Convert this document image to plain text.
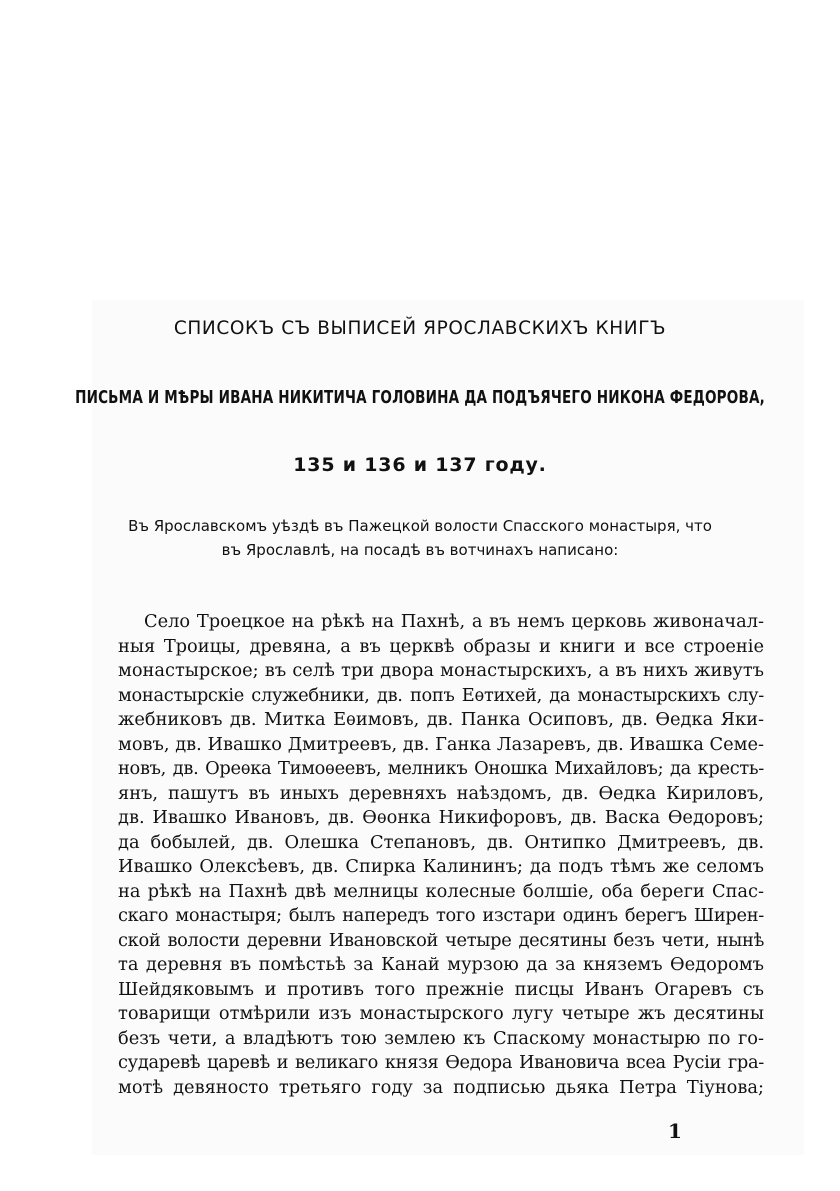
СПИСОКЪ СЪ ВЫПИСЕЙ ЯРОСЛАВСКИХЪ КНИГЪ
ПИСЬМА И МѢРЫ ИВАНА НИКИТИЧА ГОЛОВИНА ДА ПОДЪЯЧЕГО НИКОНА ФЕДОРОВА,
135 и 136 и 137 году.
Въ Ярославскомъ уѣздѣ въ Пажецкой волости Спасского монастыря, что
въ Ярославлѣ, на посадѣ въ вотчинахъ написано:
Село Троецкое на рѣкѣ на Пахнѣ, а въ немъ церковь живоначал-
ныя Троицы, древяна, а въ церквѣ образы и книги и все строенiе
монастырское; въ селѣ три двора монастырскихъ, а въ нихъ живутъ
монастырскiе служебники, дв. попъ Еѳтихей, да монастырскихъ слу-
жебниковъ дв. Митка Еѳимовъ, дв. Панка Осиповъ, дв. Ѳедка Яки-
мовъ, дв. Ивашко Дмитреевъ, дв. Ганка Лазаревъ, дв. Ивашка Семе-
новъ, дв. Ореѳка Тимоѳеевъ, мелникъ Оношка Михайловъ; да кресть-
янъ, пашутъ въ иныхъ деревняхъ наѣздомъ, дв. Ѳедка Кириловъ,
дв. Ивашко Ивановъ, дв. Ѳѳонка Никифоровъ, дв. Васка Ѳедоровъ;
да бобылей, дв. Олешка Степановъ, дв. Онтипко Дмитреевъ, дв.
Ивашко Олексѣевъ, дв. Спирка Калининъ; да подъ тѣмъ же селомъ
на рѣкѣ на Пахнѣ двѣ мелницы колесные болшiе, оба береги Спас-
скаго монастыря; былъ напередъ того изстари одинъ берегъ Ширен-
ской волости деревни Ивановской четыре десятины безъ чети, нынѣ
та деревня въ помѣстьѣ за Канай мурзою да за княземъ Ѳедоромъ
Шейдяковымъ и противъ того прежнiе писцы Иванъ Огаревъ съ
товарищи отмѣрили изъ монастырского лугу четыре жъ десятины
безъ чети, а владѣютъ тою землею къ Спаскому монастырю по го-
сударевѣ царевѣ и великаго князя Ѳедора Ивановича всеа Русiи гра-
мотѣ девяносто третьяго году за подписью дьяка Петра Тiунова;
1
